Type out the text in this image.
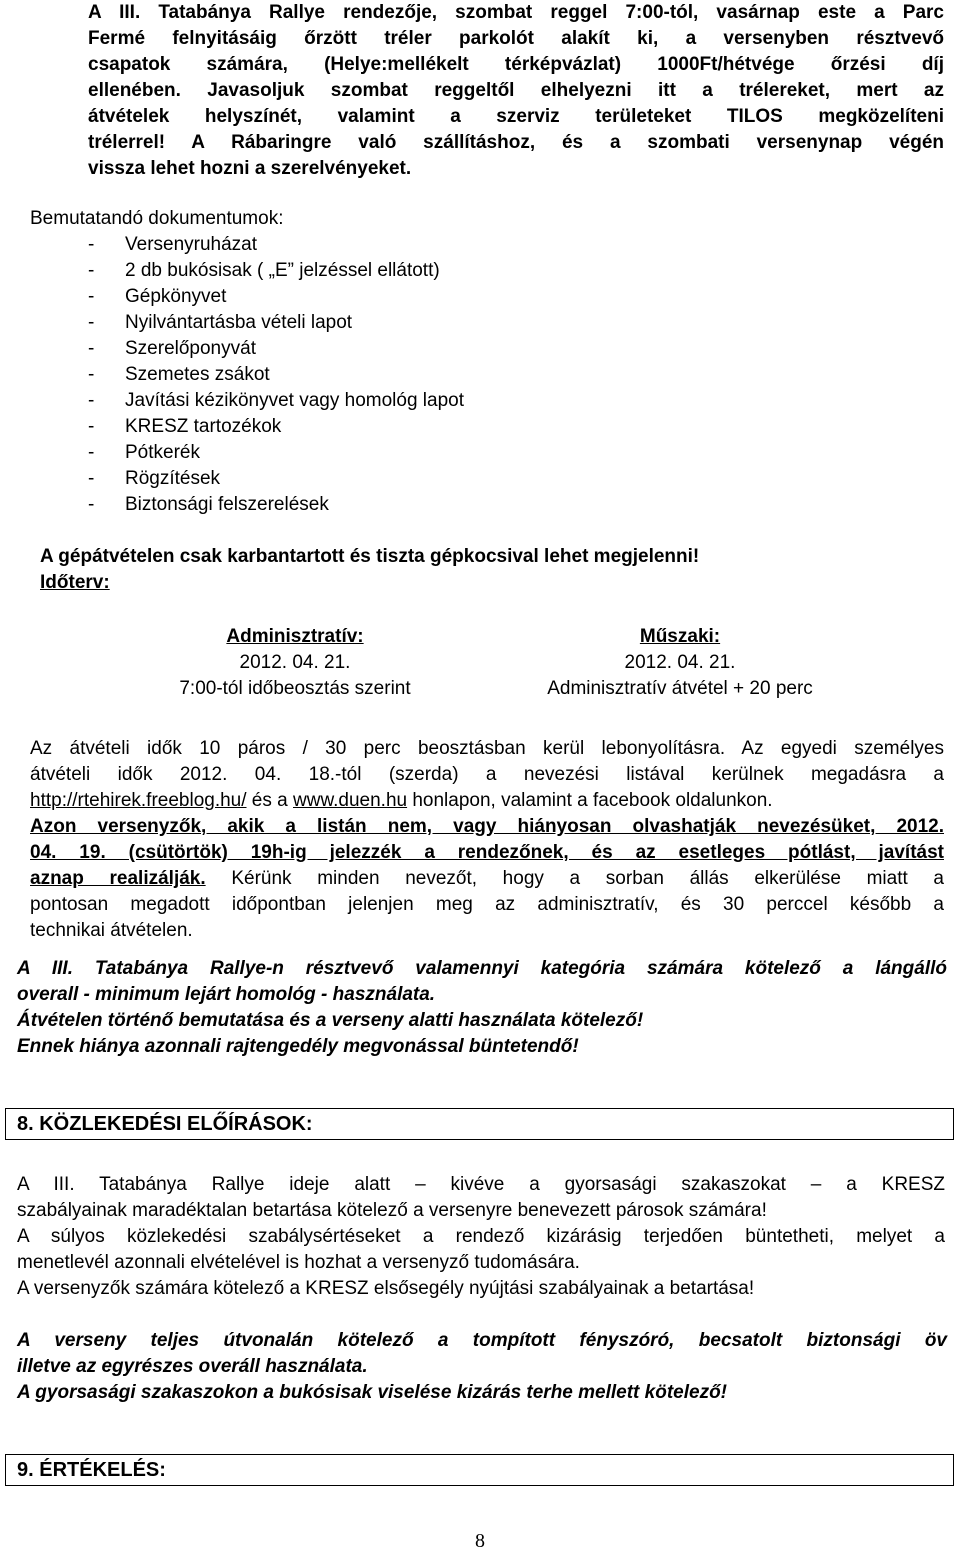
A III. Tatabánya Rallye rendezője, szombat reggel 7:00-tól, vasárnap este a Parc
Fermé felnyitásáig őrzött tréler parkolót alakít ki, a versenyben résztvevő
csapatok számára, (Helye:mellékelt térképvázlat) 1000Ft/hétvége őrzési díj
ellenében. Javasoljuk szombat reggeltől elhelyezni itt a trélereket, mert az
átvételek helyszínét, valamint a szerviz területeket TILOS megközelíteni
trélerrel! A Rábaringre való szállításhoz, és a szombati versenynap végén
vissza lehet hozni a szerelvényeket.
Bemutatandó dokumentumok:
- Versenyruházat
- 2 db bukósisak ( „E” jelzéssel ellátott)
- Gépkönyvet
- Nyilvántartásba vételi lapot
- Szerelőponyvát
- Szemetes zsákot
- Javítási kézikönyvet vagy homológ lapot
- KRESZ tartozékok
- Pótkerék
- Rögzítések
- Biztonsági felszerelések
A gépátvételen csak karbantartott és tiszta gépkocsival lehet megjelenni!
Időterv:
Adminisztratív:
2012. 04. 21.
7:00-tól időbeosztás szerint
Műszaki:
2012. 04. 21.
Adminisztratív átvétel + 20 perc
Az átvételi idők 10 páros / 30 perc beosztásban kerül lebonyolításra. Az egyedi személyes
átvételi idők 2012. 04. 18.-tól (szerda) a nevezési listával kerülnek megadásra a
http://rtehirek.freeblog.hu/ és a www.duen.hu honlapon, valamint a facebook oldalunkon.
Azon versenyzők, akik a listán nem, vagy hiányosan olvashatják nevezésüket, 2012.
04. 19. (csütörtök) 19h-ig jelezzék a rendezőnek, és az esetleges pótlást, javítást
aznap realizálják. Kérünk minden nevezőt, hogy a sorban állás elkerülése miatt a
pontosan megadott időpontban jelenjen meg az adminisztratív, és 30 perccel később a
technikai átvételen.
A III. Tatabánya Rallye-n résztvevő valamennyi kategória számára kötelező a lángálló
overall - minimum lejárt homológ - használata.
Átvételen történő bemutatása és a verseny alatti használata kötelező!
Ennek hiánya azonnali rajtengedély megvonással büntetendő!
8. KÖZLEKEDÉSI ELŐÍRÁSOK:
A III. Tatabánya Rallye ideje alatt – kivéve a gyorsasági szakaszokat – a KRESZ
szabályainak maradéktalan betartása kötelező a versenyre benevezett párosok számára!
A súlyos közlekedési szabálysértéseket a rendező kizárásig terjedően büntetheti, melyet a
menetlevél azonnali elvételével is hozhat a versenyző tudomására.
A versenyzők számára kötelező a KRESZ elsősegély nyújtási szabályainak a betartása!
A verseny teljes útvonalán kötelező a tompított fényszóró, becsatolt biztonsági öv
illetve az egyrészes overáll használata.
A gyorsasági szakaszokon a bukósisak viselése kizárás terhe mellett kötelező!
9. ÉRTÉKELÉS:
8
